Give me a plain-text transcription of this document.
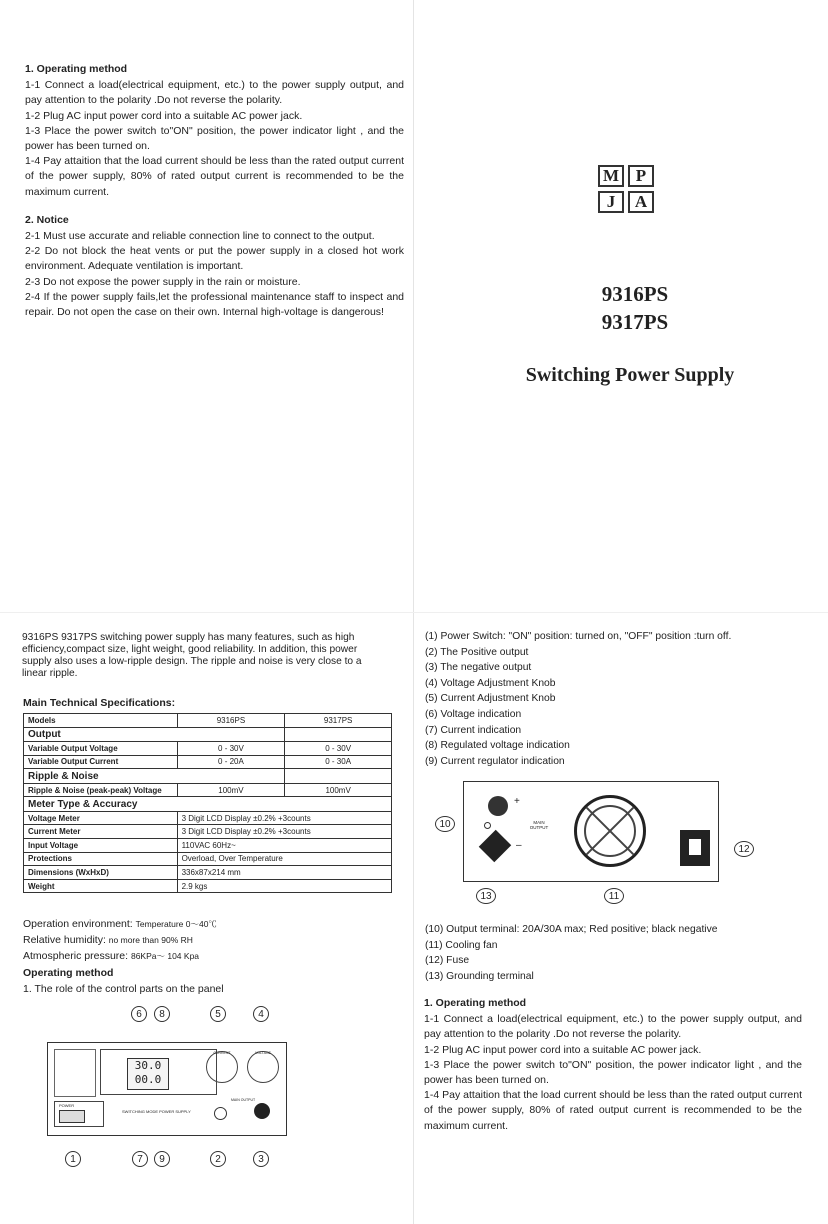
1. Operating method

1-1 Connect a load(electrical equipment, etc.) to the power supply output, and pay attention to the polarity .Do not reverse the polarity.

1-2 Plug AC input power cord into a suitable AC power jack.

1-3 Place the power switch to"ON" position, the power indicator light , and the power has been turned on.

1-4 Pay attaition that the load current should be less than the rated output current of the power supply, 80% of rated output current is recommended to be the maximum current.

2. Notice

2-1 Must use accurate and reliable connection line to connect to the output.

2-2 Do not block the heat vents or put the power supply in a closed hot work environment. Adequate ventilation is important.

2-3 Do not expose the power supply in the rain or moisture.

2-4 If the power supply fails,let the professional maintenance staff to inspect and repair. Do not open the case on their own. Internal high-voltage is dangerous!

M P
J	A
9316PS
9317PS
Switching Power Supply
9316PS 9317PS switching power supply has many features, such as high efficiency,compact size, light weight, good reliability. In addition, this power supply also uses a low-ripple design. The ripple and noise is very close to a linear ripple.
Main Technical Specifications:
Models	9316PS	9317PS
Output		
Variable Output Voltage	0 - 30V	0 - 30V
Variable Output Current	0 - 20A	0 - 30A
Ripple & Noise		
Ripple & Noise (peak-peak) Voltage	100mV	100mV
Meter Type & Accuracy		
Voltage Meter	3 Digit LCD Display ±0.2% +3counts	
Current Meter	3 Digit LCD Display ±0.2% +3counts	
Input Voltage	110VAC 60Hz~	
Protections	Overload, Over Temperature	
Dimensions (WxHxD)	336x87x214 mm	
Weight	2.9 kgs	
Operation environment: Temperature 0～40℃
Relative humidity: no more than 90% RH
Atmospheric pressure: 86KPa～ 104 Kpa
Operating method
1. The role of the control parts on the panel
6	8	5	4
30.0
00.0
CURRENT	VOLTAGE
POWER
SWITCHING MODE POWER SUPPLY
MAIN OUTPUT
1	7	9	2	3
(1) Power Switch: "ON" position: turned on, "OFF" position :turn off.
(2) The Positive output
(3) The negative output
(4) Voltage Adjustment Knob
(5) Current Adjustment Knob
(6) Voltage indication
(7) Current indication
(8) Regulated voltage indication
(9) Current regulator indication
+
–
MAIN OUTPUT
10
11
12
13
(10) Output terminal: 20A/30A max; Red positive; black negative
(11) Cooling fan
(12) Fuse
(13) Grounding terminal
1. Operating method

1-1 Connect a load(electrical equipment, etc.) to the power supply output, and pay attention to the polarity .Do not reverse the polarity.

1-2 Plug AC input power cord into a suitable AC power jack.

1-3 Place the power switch to"ON" position, the power indicator light , and the power has been turned on.

1-4 Pay attaition that the load current should be less than the rated output current of the power supply, 80% of rated output current is recommended to be the maximum current.
